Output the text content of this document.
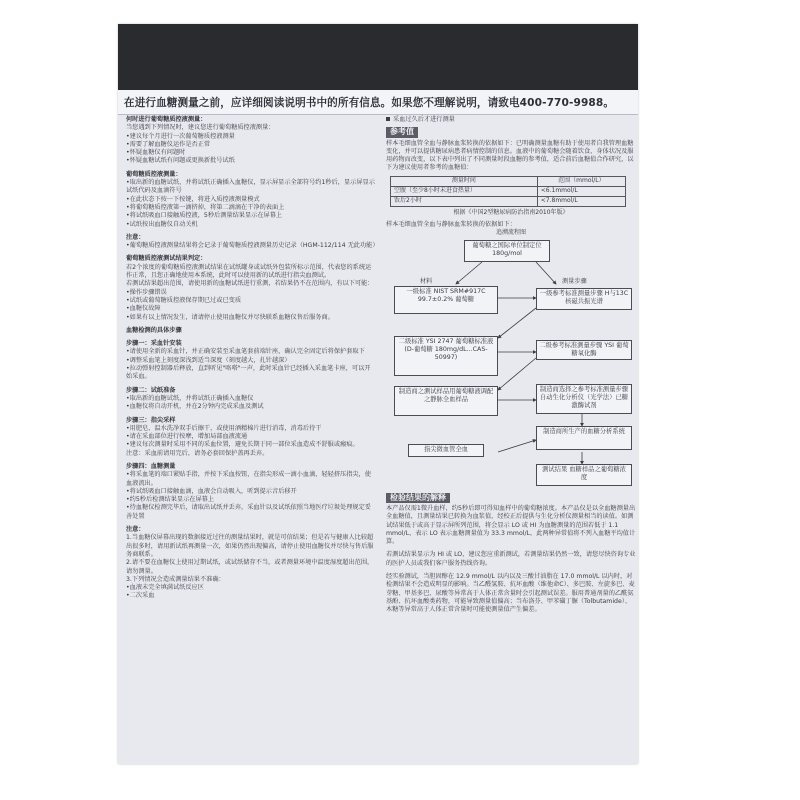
在进行血糖测量之前，应详细阅读说明书中的所有信息。如果您不理解说明，请致电400-770-9988。

何时进行葡萄糖质控液测量：

当您遇到下列情况时，建议您进行葡萄糖质控液测量：

•建议每个月进行一次葡萄糖质控液测量

•需要了解血糖仪运作是否正常

•怀疑血糖仪有问题时

•怀疑血糖试纸有问题或更换新批号试纸

葡萄糖质控液测量：

•取出新的血糖试纸，并将试纸正确插入血糖仪，显示屏显示全部符号约1秒后，显示屏显示试纸代码及血滴符号

•在此状态下按一下按键，将进入质控液测量模式

•将葡萄糖质控液第一滴挤掉，将第二滴滴在干净的表面上

•将试纸吸血口接触质控液，5秒后测量结果显示在屏幕上

•试纸按出血糖仪自动关机

注意：

•葡萄糖质控液测量结果将会记录于葡萄糖质控液测量历史记录（HGM-112/114 无此功能）

葡萄糖质控液测试结果判定：

若2个浓度的葡萄糖质控液测试结果在试纸罐身或试纸外包装所标示范围，代表您的系统运作正常，且您正确地使用本系统，此时可以使用新的试纸进行指尖血测试。

若测试结果超出范围，请使用新的血糖试纸进行重测，若结果仍不在范围内，有以下可能：

•操作步骤错误

•试纸或葡萄糖质控液保存期已过或已变质

•血糖仪故障

•如果有以上情况发生，请请停止使用血糖仪并尽快联系血糖仪售后服务商。

血糖检测的具体步骤

步骤一：采血针安装

•请使用全新的采血针，并正确安装至采血笔套前端针座，确认完全固定后将保护套取下

•调整采血笔上刻度深浅到适当深度（刻度越大，扎针越深）

•拉动弹射控制器后释放，直到听见"咯嗒"一声，此时采血针已经插入采血笔卡座，可以开始采血。

步骤二：试纸准备

•取出新的血糖试纸，并将试纸正确插入血糖仪

•血糖仪将自动开机，并在2分钟内完成采血及测试

步骤三：指尖采样

•用肥皂、温水洗净双手后擦干，或使用酒精棉片进行消毒，消毒后待干

•请在采血部位进行按摩，增加局部血液流通

•建议每次测量时采用不同的采血位置，避免长期于同一部位采血造成不舒服或瘢痕。

注意：采血前请用完后，请务必套回保护盖再丢弃。

步骤四：血糖测量

•将采血笔的端口紧贴手指，并按下采血按钮，在指尖形成一滴小血滴，轻轻挤压指尖，使血液流出。

•将试纸吸血口接触血滴，血液会自动吸入，听到提示音后移开

•约5秒后检测结果显示在屏幕上

•待血糖仪检测完毕后，请取出试纸并丢弃，采血针以及试纸依照当地医疗垃圾处理规定妥善处置

注意：

1.当血糖仪屏幕出现的数据接近过往的测量结果时，就是可信结果；但是若与健康人比较超出很多时，请用新试纸再测量一次，如果仍然出现偏高，请停止使用血糖仪并尽快与售后服务商联系。

2.请不要在血糖仪上使用过期试纸，或试纸储存不当，或者测量环境中温度湿度超出范围，请勿测量。

3.下列情况会造成测量结果不准确：

•血液未完全填满试纸反应区

•二次采血

采血过久后才进行测量

参考值

样本毛细血管全血与静脉血浆转换的依据如下：已明确测量血糖有助于使用者自我管理血糖变化，并可以提供糖尿病患者病情控制的信息。血液中的葡萄糖会随着饮食、身体状况及服用药物而改变，以下表中列出了不同测量时段血糖的参考值，适合前后血糖值合作研究，以下为建议使用者参考的血糖值：

测量时间	范围（mmol/L）
空腹（至少8小时未进食热量）	<6.1mmol/L
饭后2小时	<7.8mmol/L
根据《中国2型糖尿病防治指南2010年版》

样本毛细血管全血与静脉血浆转换的依据如下：

追溯流程图
葡萄糖之国际单位制定位 180g/mol
材料	测量步骤
一级标准 NIST SRM#917C 99.7±0.2% 葡萄糖
一级参考标准测量步骤 H与13C核磁共振光谱
二级标准 YSI 2747 葡萄糖标准液 (D-葡萄糖 180mg/dL...CAS-50997)
二级参考标准测量步骤 YSI 葡萄糖氧化酶
制造商之测试样品用葡萄糖液调配之静脉全血样品
制造商选择之参考标准测量步骤 自动生化分析仪（光学法）已糖激酶试剂
指尖微血管全血
制造商所生产的血糖分析系统
测试结果 血糖样品之葡萄糖浓度
检验结果的解释

本产品仅需1微升血样，约5秒后即可得知血样中的葡萄糖浓度。本产品仅是以全血糖测量出全血糖值，且测量结果已转换为血浆值，经校正后提供与生化分析仪测量相当的读值。如测试结果低于或高于显示屏所列范围，将会显示 LO 或 HI 为血糖测量的范围若低于 1.1 mmol/L，表示 LO 表示血糖测量值为 33.3 mmol/L，此两种异常值将不列入血糖平均值计算。

若测试结果显示为 HI 或 LO，建议您应重新测试，若测量结果仍然一致，请您尽快咨询专业的医护人员或我们客户服务热线咨询。

经实验测试，当胆固醇在 12.9 mmol/L 以内以及三酸甘油脂在 17.0 mmol/L 以内时，对检测结果不会造成明显的影响。当乙醛氢胺、抗坏血酸（维他命C）、多巴胺、左旋多巴、麦芽糖、甲基多巴、尿酸等异常高于人体正常含量时会引起测试误差。服用普通剂量的乙酰氨基酚、抗坏血酸类药物，可能导致测量值偏高；当布洛芬、甲苯磺丁脲（Tolbutamide）、木糖等异常高于人体正常含量时可能使测量值产生偏差。
